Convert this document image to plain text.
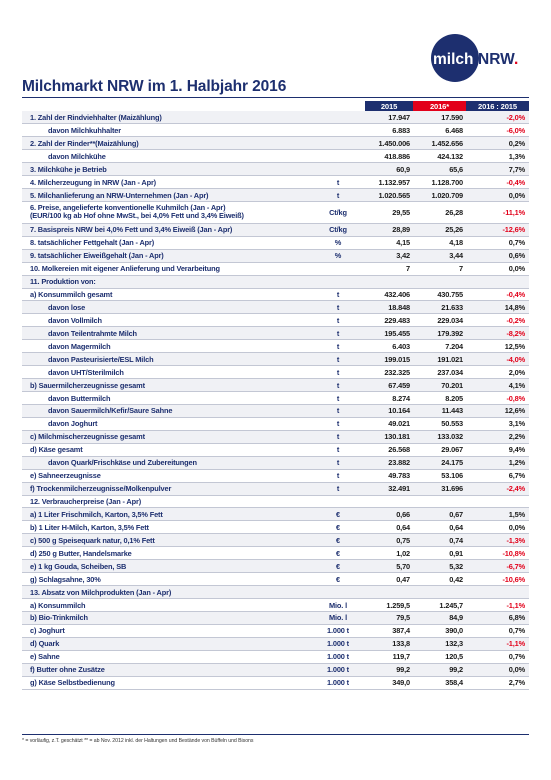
milch NRW .
Milchmarkt NRW im 1. Halbjahr 2016
		2015	2016*	2016 : 2015

1. Zahl der Rindviehhalter (Maizählung)		17.947	17.590	-2,0%

davon Milchkuhhalter		6.883	6.468	-6,0%

2. Zahl der Rinder**(Maizählung)		1.450.006	1.452.656	0,2%

davon Milchkühe		418.886	424.132	1,3%

3. Milchkühe je Betrieb		60,9	65,6	7,7%

4. Milcherzeugung in NRW (Jan - Apr)	t	1.132.957	1.128.700	-0,4%

5. Milchanlieferung an NRW-Unternehmen (Jan - Apr)	t	1.020.565	1.020.709	0,0%

6. Preise, angelieferte konventionelle Kuhmilch (Jan - Apr)
(EUR/100 kg ab Hof ohne MwSt., bei 4,0% Fett und 3,4% Eiweiß)	Ct/kg	29,55	26,28	-11,1%

7. Basispreis NRW bei 4,0% Fett und 3,4% Eiweiß (Jan - Apr)	Ct/kg	28,89	25,26	-12,6%

8. tatsächlicher Fettgehalt (Jan - Apr)	%	4,15	4,18	0,7%

9. tatsächlicher Eiweißgehalt (Jan - Apr)	%	3,42	3,44	0,6%

10. Molkereien mit eigener Anlieferung und Verarbeitung		7	7	0,0%

11. Produktion von:				

a) Konsummilch gesamt	t	432.406	430.755	-0,4%

davon lose	t	18.848	21.633	14,8%

davon Vollmilch	t	229.483	229.034	-0,2%

davon Teilentrahmte Milch	t	195.455	179.392	-8,2%

davon Magermilch	t	6.403	7.204	12,5%

davon Pasteurisierte/ESL Milch	t	199.015	191.021	-4,0%

davon UHT/Sterilmilch	t	232.325	237.034	2,0%

b) Sauermilcherzeugnisse gesamt	t	67.459	70.201	4,1%

davon Buttermilch	t	8.274	8.205	-0,8%

davon Sauermilch/Kefir/Saure Sahne	t	10.164	11.443	12,6%

davon Joghurt	t	49.021	50.553	3,1%

c) Milchmischerzeugnisse gesamt	t	130.181	133.032	2,2%

d) Käse gesamt	t	26.568	29.067	9,4%

davon Quark/Frischkäse und Zubereitungen	t	23.882	24.175	1,2%

e) Sahneerzeugnisse	t	49.783	53.106	6,7%

f) Trockenmilcherzeugnisse/Molkenpulver	t	32.491	31.696	-2,4%

12. Verbraucherpreise (Jan - Apr)				

a) 1 Liter Frischmilch, Karton, 3,5% Fett	€	0,66	0,67	1,5%

b) 1 Liter H-Milch, Karton, 3,5% Fett	€	0,64	0,64	0,0%

c) 500 g Speisequark natur, 0,1% Fett	€	0,75	0,74	-1,3%

d) 250 g Butter, Handelsmarke	€	1,02	0,91	-10,8%

e) 1 kg Gouda, Scheiben, SB	€	5,70	5,32	-6,7%

g) Schlagsahne, 30%	€	0,47	0,42	-10,6%

13. Absatz von Milchprodukten (Jan - Apr)				

a) Konsummilch	Mio. l	1.259,5	1.245,7	-1,1%

b) Bio-Trinkmilch	Mio. l	79,5	84,9	6,8%

c) Joghurt	1.000 t	387,4	390,0	0,7%

d) Quark	1.000 t	133,8	132,3	-1,1%

e) Sahne	1.000 t	119,7	120,5	0,7%

f) Butter ohne Zusätze	1.000 t	99,2	99,2	0,0%

g) Käse Selbstbedienung	1.000 t	349,0	358,4	2,7%
* = vorläufig, z.T. geschätzt ** = ab Nov. 2012 inkl. der Haltungen und Bestände von Büffeln und Bisons
